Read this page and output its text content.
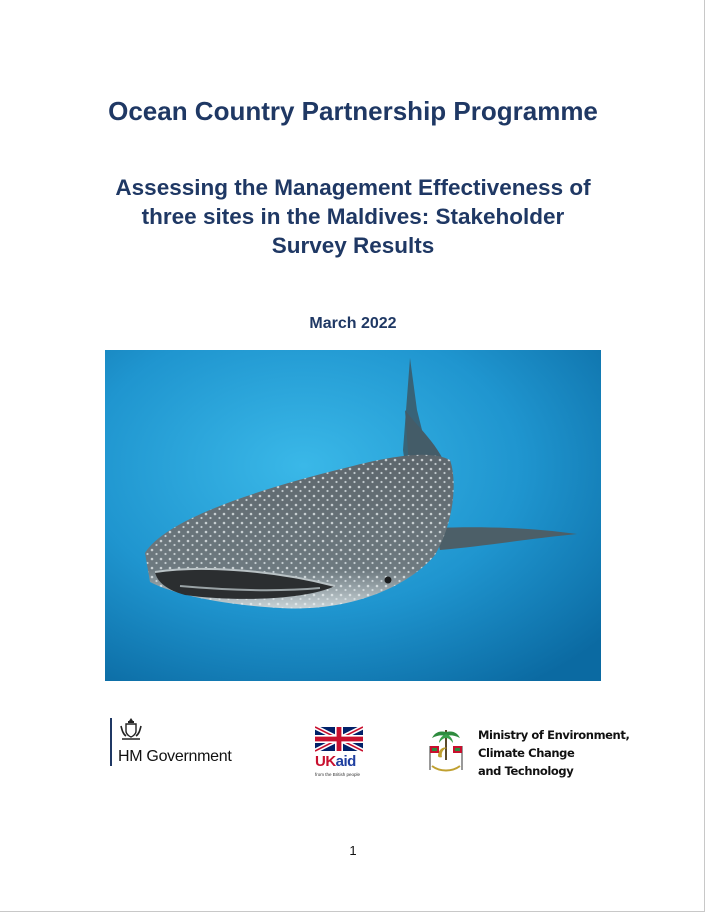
Ocean Country Partnership Programme
Assessing the Management Effectiveness of
three sites in the Maldives: Stakeholder
Survey Results
March 2022
HM Government	UKaid
from the British people
Ministry of Environment,
Climate Change
and Technology
1
